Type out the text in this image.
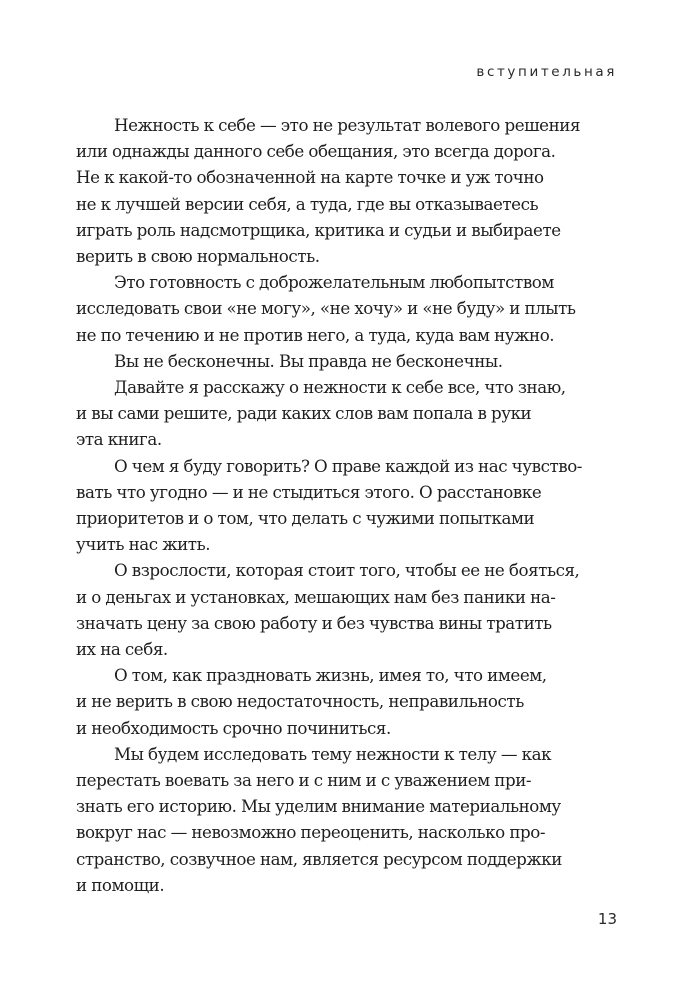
вступительная
Нежность к себе — это не результат волевого решения
или однажды данного себе обещания, это всегда дорога.
Не к какой-то обозначенной на карте точке и уж точно
не к лучшей версии себя, а туда, где вы отказываетесь
играть роль надсмотрщика, критика и судьи и выбираете
верить в свою нормальность.
Это готовность с доброжелательным любопытством
исследовать свои «не могу», «не хочу» и «не буду» и плыть
не по течению и не против него, а туда, куда вам нужно.
Вы не бесконечны. Вы правда не бесконечны.
Давайте я расскажу о нежности к себе все, что знаю,
и вы сами решите, ради каких слов вам попала в руки
эта книга.
О чем я буду говорить? О праве каждой из нас чувство-
вать что угодно — и не стыдиться этого. О расстановке
приоритетов и о том, что делать с чужими попытками
учить нас жить.
О взрослости, которая стоит того, чтобы ее не бояться,
и о деньгах и установках, мешающих нам без паники на-
значать цену за свою работу и без чувства вины тратить
их на себя.
О том, как праздновать жизнь, имея то, что имеем,
и не верить в свою недостаточность, неправильность
и необходимость срочно починиться.
Мы будем исследовать тему нежности к телу — как
перестать воевать за него и с ним и с уважением при-
знать его историю. Мы уделим внимание материальному
вокруг нас — невозможно переоценить, насколько про-
странство, созвучное нам, является ресурсом поддержки
и помощи.
13
